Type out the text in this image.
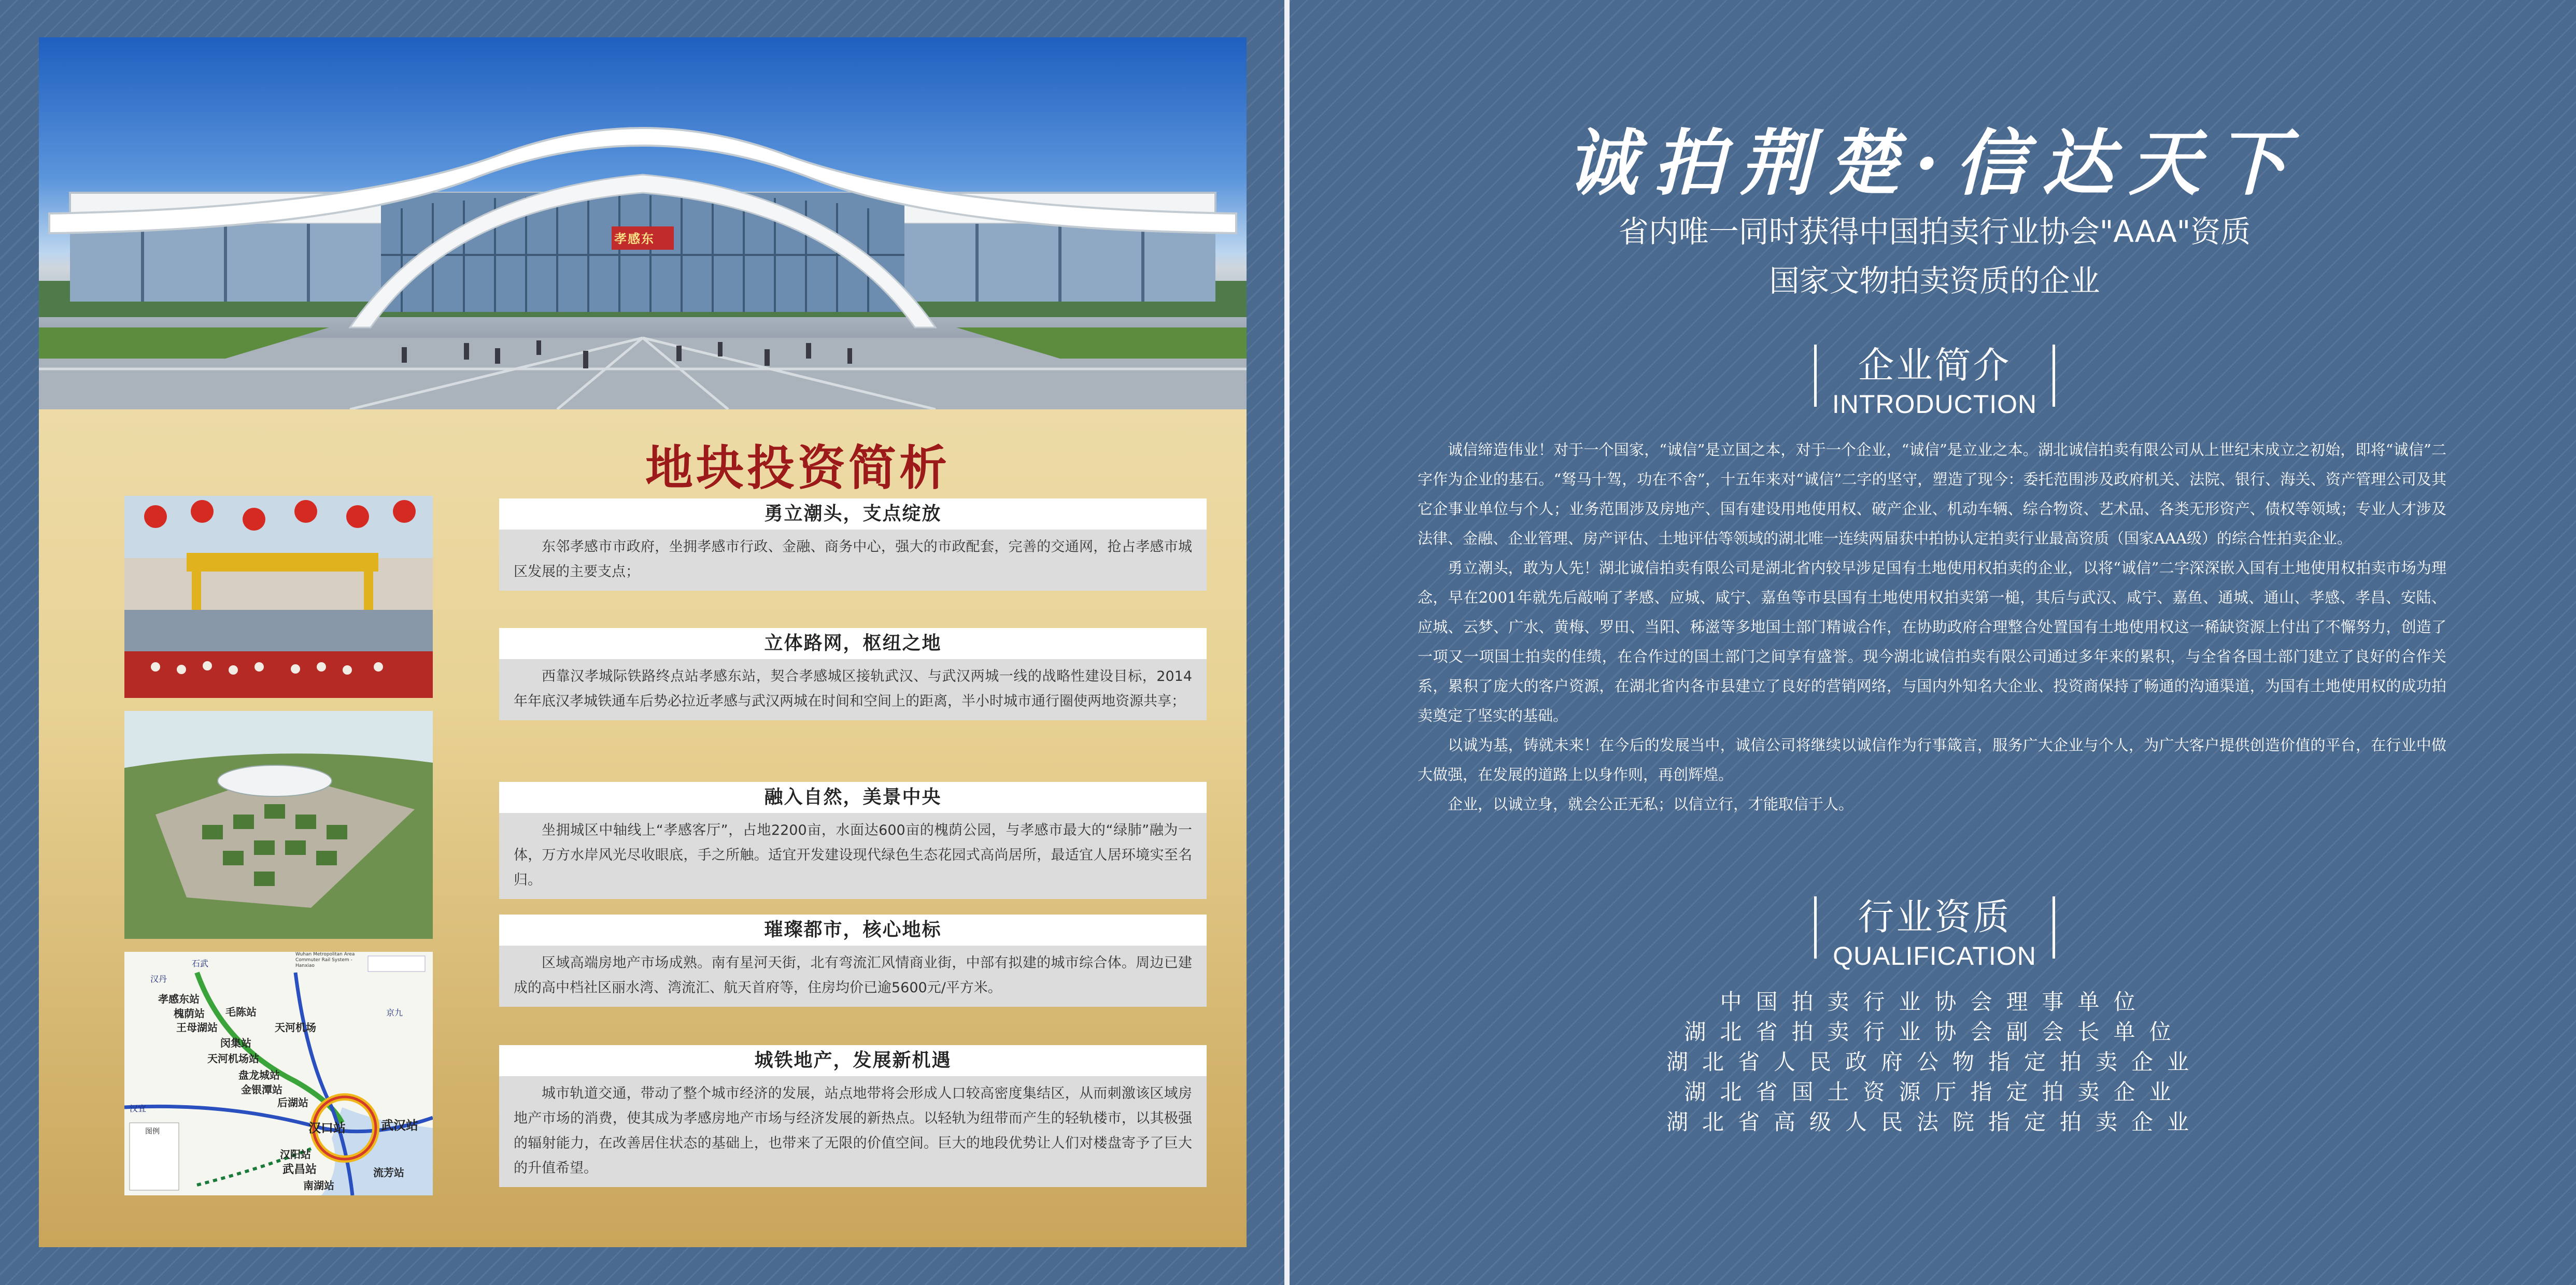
孝感东
地块投资简析
Wuhan Metropolitan Area Commuter Rail System - Hanxiao
石武
汉丹
孝感东站
槐荫站
王母湖站
闵集站
毛陈站
天河机场站
天河机场
盘龙城站
金银潭站
后湖站
汉口站	武汉站
汉阳站
武昌站
南湖站
流芳站
京九
汉宜
图例
勇立潮头，支点绽放
东邻孝感市市政府，坐拥孝感市行政、金融、商务中心，强大的市政配套，完善的交通网，抢占孝感市城区发展的主要支点；
立体路网，枢纽之地
西靠汉孝城际铁路终点站孝感东站，契合孝感城区接轨武汉、与武汉两城一线的战略性建设目标，2014年年底汉孝城铁通车后势必拉近孝感与武汉两城在时间和空间上的距离，半小时城市通行圈使两地资源共享；
融入自然，美景中央
坐拥城区中轴线上“孝感客厅”，占地2200亩，水面达600亩的槐荫公园，与孝感市最大的“绿肺”融为一体，万方水岸风光尽收眼底，手之所触。适宜开发建设现代绿色生态花园式高尚居所，最适宜人居环境实至名归。
璀璨都市，核心地标
区域高端房地产市场成熟。南有星河天街，北有弯流汇风情商业街，中部有拟建的城市综合体。周边已建成的高中档社区丽水湾、湾流汇、航天首府等，住房均价已逾5600元/平方米。
城铁地产，发展新机遇
城市轨道交通，带动了整个城市经济的发展，站点地带将会形成人口较高密度集结区，从而刺激该区域房地产市场的消费，使其成为孝感房地产市场与经济发展的新热点。以轻轨为纽带而产生的轻轨楼市，以其极强的辐射能力，在改善居住状态的基础上，也带来了无限的价值空间。巨大的地段优势让人们对楼盘寄予了巨大的升值希望。
诚拍荆楚·信达天下
省内唯一同时获得中国拍卖行业协会"AAA"资质
国家文物拍卖资质的企业
企业简介
INTRODUCTION

诚信缔造伟业！对于一个国家，“诚信”是立国之本，对于一个企业，“诚信”是立业之本。湖北诚信拍卖有限公司从上世纪末成立之初始，即将“诚信”二字作为企业的基石。“驽马十驾，功在不舍”，十五年来对“诚信”二字的坚守，塑造了现今：委托范围涉及政府机关、法院、银行、海关、资产管理公司及其它企事业单位与个人；业务范围涉及房地产、国有建设用地使用权、破产企业、机动车辆、综合物资、艺术品、各类无形资产、债权等领域；专业人才涉及法律、金融、企业管理、房产评估、土地评估等领域的湖北唯一连续两届获中拍协认定拍卖行业最高资质（国家AAA级）的综合性拍卖企业。

勇立潮头，敢为人先！湖北诚信拍卖有限公司是湖北省内较早涉足国有土地使用权拍卖的企业，以将“诚信”二字深深嵌入国有土地使用权拍卖市场为理念，早在2001年就先后敲响了孝感、应城、咸宁、嘉鱼等市县国有土地使用权拍卖第一槌，其后与武汉、咸宁、嘉鱼、通城、通山、孝感、孝昌、安陆、应城、云梦、广水、黄梅、罗田、当阳、秭滋等多地国土部门精诚合作，在协助政府合理整合处置国有土地使用权这一稀缺资源上付出了不懈努力，创造了一项又一项国土拍卖的佳绩，在合作过的国土部门之间享有盛誉。现今湖北诚信拍卖有限公司通过多年来的累积，与全省各国土部门建立了良好的合作关系，累积了庞大的客户资源，在湖北省内各市县建立了良好的营销网络，与国内外知名大企业、投资商保持了畅通的沟通渠道，为国有土地使用权的成功拍卖奠定了坚实的基础。

以诚为基，铸就未来！在今后的发展当中，诚信公司将继续以诚信作为行事箴言，服务广大企业与个人，为广大客户提供创造价值的平台，在行业中做大做强，在发展的道路上以身作则，再创辉煌。

企业，以诚立身，就会公正无私；以信立行，才能取信于人。

行业资质
QUALIFICATION
中国拍卖行业协会理事单位
湖北省拍卖行业协会副会长单位
湖北省人民政府公物指定拍卖企业
湖北省国土资源厅指定拍卖企业
湖北省高级人民法院指定拍卖企业
